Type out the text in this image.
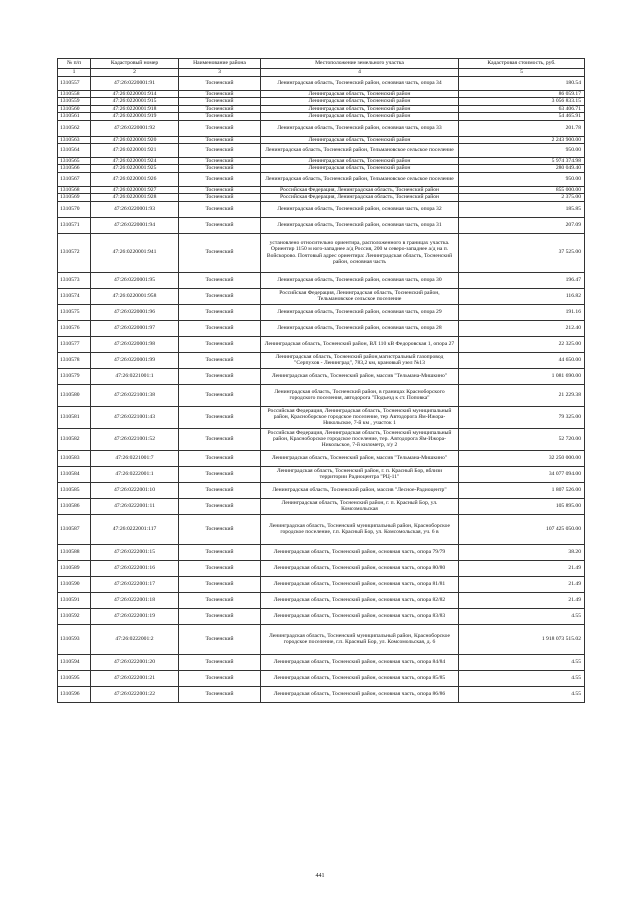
№ п/п	Кадастровый номер	Наименование района	Местоположение земельного участка	Кадастровая стоимость, руб.
1	2	3	4	5
1310557	47:26:0220001:91	Тосненский	Ленинградская область, Тосненский район, основная часть, опора 34	180.54
1310558	47:26:0220001:914	Тосненский	Ленинградская область, Тосненский район	86 059.17
1310559	47:26:0220001:915	Тосненский	Ленинградская область, Тосненский район	3 056 833.15
1310560	47:26:0220001:918	Тосненский	Ленинградская область, Тосненский район	63 406.71
1310561	47:26:0220001:919	Тосненский	Ленинградская область, Тосненский район	54 465.91
1310562	47:26:0220001:92	Тосненский	Ленинградская область, Тосненский район, основная часть, опора 33	201.78
1310563	47:26:0220001:920	Тосненский	Ленинградская область, Тосненский район	2 243 900.00
1310564	47:26:0220001:921	Тосненский	Ленинградская область, Тосненский район, Тельмановское сельское поселение	950.00
1310565	47:26:0220001:924	Тосненский	Ленинградская область, Тосненский район	5 974 374.98
1310566	47:26:0220001:925	Тосненский	Ленинградская область, Тосненский район	280 049.40
1310567	47:26:0220001:926	Тосненский	Ленинградская область, Тосненский район, Тельмановское сельское поселение	950.00
1310568	47:26:0220001:927	Тосненский	Российская Федерация, Ленинградская область, Тосненский район	855 000.00
1310569	47:26:0220001:928	Тосненский	Российская Федерация, Ленинградская область, Тосненский район	2 375.00
1310570	47:26:0220001:93	Тосненский	Ленинградская область, Тосненский район, основная часть, опора 32	185.85
1310571	47:26:0220001:94	Тосненский	Ленинградская область, Тосненский район, основная часть, опора 31	207.09
1310572	47:26:0220001:941	Тосненский	установлено относительно ориентира, расположенного в границах участка. Ориентир 1150 м юго-западнее а/д Россия, 200 м северо-западнее а/д на п. Войскорово. Почтовый адрес ориентира: Ленинградская область, Тосненский район, основная часть	37 525.00
1310573	47:26:0220001:95	Тосненский	Ленинградская область, Тосненский район, основная часть, опора 30	196.47
1310574	47:26:0220001:958	Тосненский	Российская Федерация, Ленинградская область, Тосненский район, Тельмановское сельское поселение	116.82
1310575	47:26:0220001:96	Тосненский	Ленинградская область, Тосненский район, основная часть, опора 29	191.16
1310576	47:26:0220001:97	Тосненский	Ленинградская область, Тосненский район, основная часть, опора 28	212.40
1310577	47:26:0220001:98	Тосненский	Ленинградская область, Тосненский район, ВЛ 110 кВ Федоровская 1, опора 27	22 325.00
1310578	47:26:0220001:99	Тосненский	Ленинградская область, Тосненский район,магистральный газопровод "Серпухов - Ленинград", 783,2 км, крановый узел №13	44 650.00
1310579	47:26:0221001:1	Тосненский	Ленинградская область, Тосненский район, массив "Тельмана-Мишкино"	1 081 690.00
1310580	47:26:0221001:38	Тосненский	Ленинградская область, Тосненский район, в границах Красноборского городского поселения, автодорога "Подъезд к ст. Поповка"	21 229.38
1310581	47:26:0221001:43	Тосненский	Российская Федерация, Ленинградская область, Тосненский муниципальный район, Красноборское городское поселение, тер Автодорога Ям-Ижора-Никольское, 7-й км , участок 1	79 325.00
1310582	47:26:0221001:52	Тосненский	Российская Федерация, Ленинградская область, Тосненский муниципальный район, Красноборское городское поселение, тер. Автодорога Ям-Ижора-Никольское, 7-й километр, з/у 2	52 720.00
1310583	47:26:0221001:7	Тосненский	Ленинградская область, Тосненский район, массив "Тельмана-Мишкино"	32 250 000.00
1310584	47:26:0222001:1	Тосненский	Ленинградская область, Тосненский район, г. п. Красный Бор, вблизи территории Радиоцентра "РЦ-11"	34 077 094.00
1310585	47:26:0222001:10	Тосненский	Ленинградская область, Тосненский район, массив "Лесное-Радиоцентр"	1 807 526.00
1310586	47:26:0222001:11	Тосненский	Ленинградская область, Тосненский район, г. п. Красный Бор, ул. Комсомольская	105 895.00
1310587	47:26:0222001:117	Тосненский	Ленинградская область, Тосненский муниципальный район, Красноборское городское поселение, г.п. Красный Бор, ул. Комсомольская, уч. 6 в	107 425 050.00
1310588	47:26:0222001:15	Тосненский	Ленинградская область, Тосненский район, основная часть, опора 79/79	38.20
1310589	47:26:0222001:16	Тосненский	Ленинградская область, Тосненский район, основная часть, опора 80/80	21.49
1310590	47:26:0222001:17	Тосненский	Ленинградская область, Тосненский район, основная часть, опора 81/81	21.49
1310591	47:26:0222001:18	Тосненский	Ленинградская область, Тосненский район, основная часть, опора 82/82	21.49
1310592	47:26:0222001:19	Тосненский	Ленинградская область, Тосненский район, основная часть, опора 83/83	4.55
1310593	47:26:0222001:2	Тосненский	Ленинградская область, Тосненский муниципальный район, Красноборское городское поселение, г.п. Красный Бор, ул. Комсомольская, д. 6	1 918 073 515.02
1310594	47:26:0222001:20	Тосненский	Ленинградская область, Тосненский район, основная часть, опора 84/84	4.55
1310595	47:26:0222001:21	Тосненский	Ленинградская область, Тосненский район, основная часть, опора 85/85	4.55
1310596	47:26:0222001:22	Тосненский	Ленинградская область, Тосненский район, основная часть, опора 86/86	4.55
441
